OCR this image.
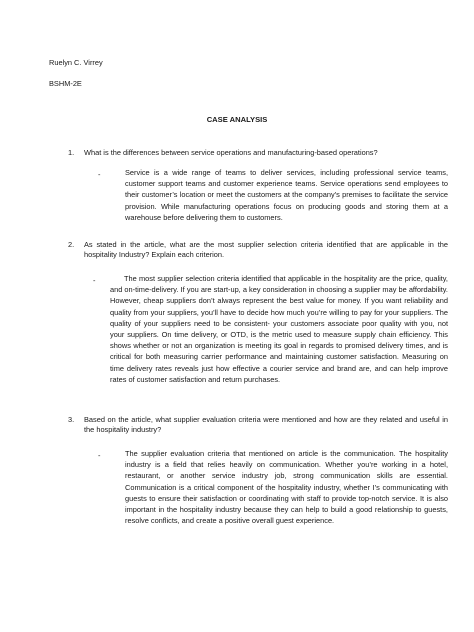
Ruelyn C. Virrey
BSHM-2E
CASE ANALYSIS
1. What is the differences between service operations and manufacturing-based operations?
-	Service is a wide range of teams to deliver services, including professional service teams, customer support teams and customer experience teams. Service operations send employees to their customer’s location or meet the customers at the company’s premises to facilitate the service provision. While manufacturing operations focus on producing goods and storing them at a warehouse before delivering them to customers.
2. As stated in the article, what are the most supplier selection criteria identified that are applicable in the hospitality Industry? Explain each criterion.
-	The most supplier selection criteria identified that applicable in the hospitality are the price, quality, and on-time-delivery. If you are start-up, a key consideration in choosing a supplier may be affordability. However, cheap suppliers don’t always represent the best value for money. If you want reliability and quality from your suppliers, you’ll have to decide how much you’re willing to pay for your suppliers. The quality of your suppliers need to be consistent- your customers associate poor quality with you, not your suppliers. On time delivery, or OTD, is the metric used to measure supply chain efficiency. This shows whether or not an organization is meeting its goal in regards to promised delivery times, and is critical for both measuring carrier performance and maintaining customer satisfaction. Measuring on time delivery rates reveals just how effective a courier service and brand are, and can help improve rates of customer satisfaction and return purchases.
3. Based on the article, what supplier evaluation criteria were mentioned and how are they related and useful in the hospitality industry?
-	The supplier evaluation criteria that mentioned on article is the communication. The hospitality industry is a field that relies heavily on communication. Whether you’re working in a hotel, restaurant, or another service industry job, strong communication skills are essential. Communication is a critical component of the hospitality industry, whether I’s communicating with guests to ensure their satisfaction or coordinating with staff to provide top-notch service. It is also important in the hospitality industry because they can help to build a good relationship to guests, resolve conflicts, and create a positive overall guest experience.
